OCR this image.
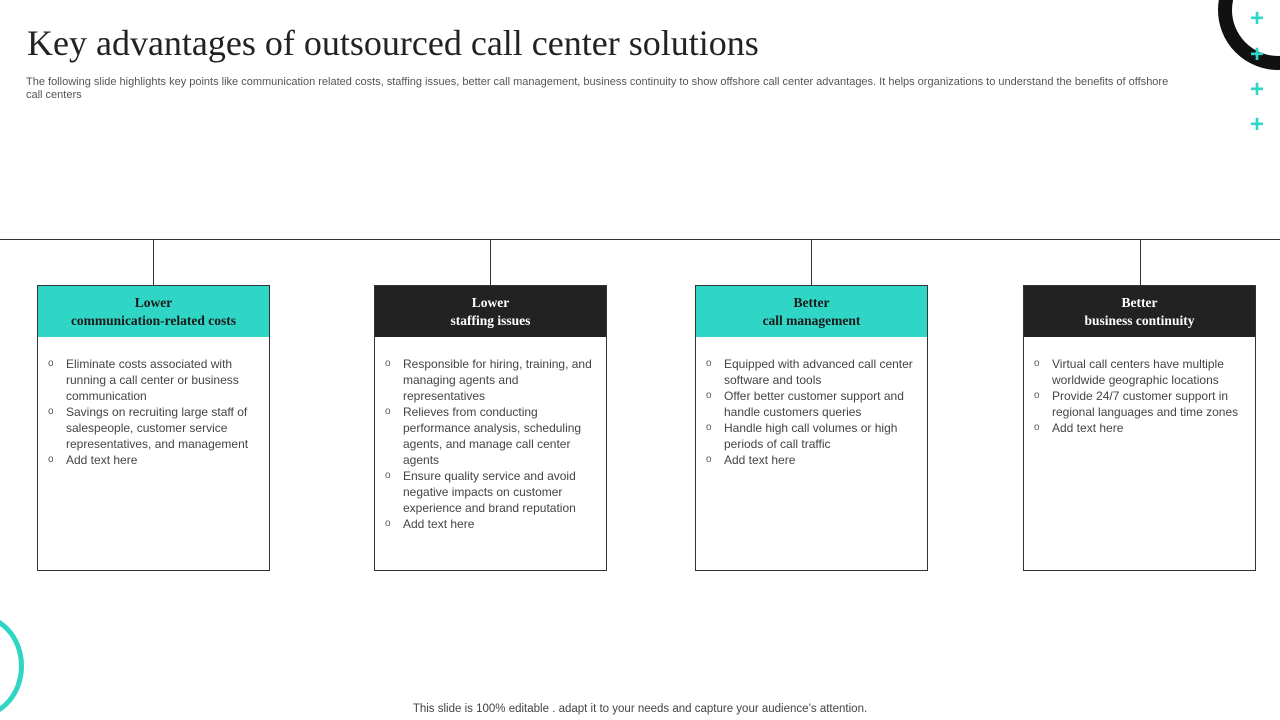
Key advantages of outsourced call center solutions

The following slide highlights key points like communication related costs, staffing issues, better call management, business continuity to show offshore call center advantages. It helps organizations to understand the benefits of offshore call centers

+
+
+
+
Lower
communication-related costs
o Eliminate costs associated with running a call center or business communication
o Savings on recruiting large staff of salespeople, customer service representatives, and management
o Add text here
Lower
staffing issues
o Responsible for hiring, training, and managing agents and representatives
o Relieves from conducting performance analysis, scheduling agents, and manage call center agents
o Ensure quality service and avoid negative impacts on customer experience and brand reputation
o Add text here
Better
call management
o Equipped with advanced call center software and tools
o Offer better customer support and handle customers queries
o Handle high call volumes or high periods of call traffic
o Add text here
Better
business continuity
o Virtual call centers have multiple worldwide geographic locations
o Provide 24/7 customer support in regional languages and time zones
o Add text here
This slide is 100% editable . adapt it to your needs and capture your audience’s attention.
